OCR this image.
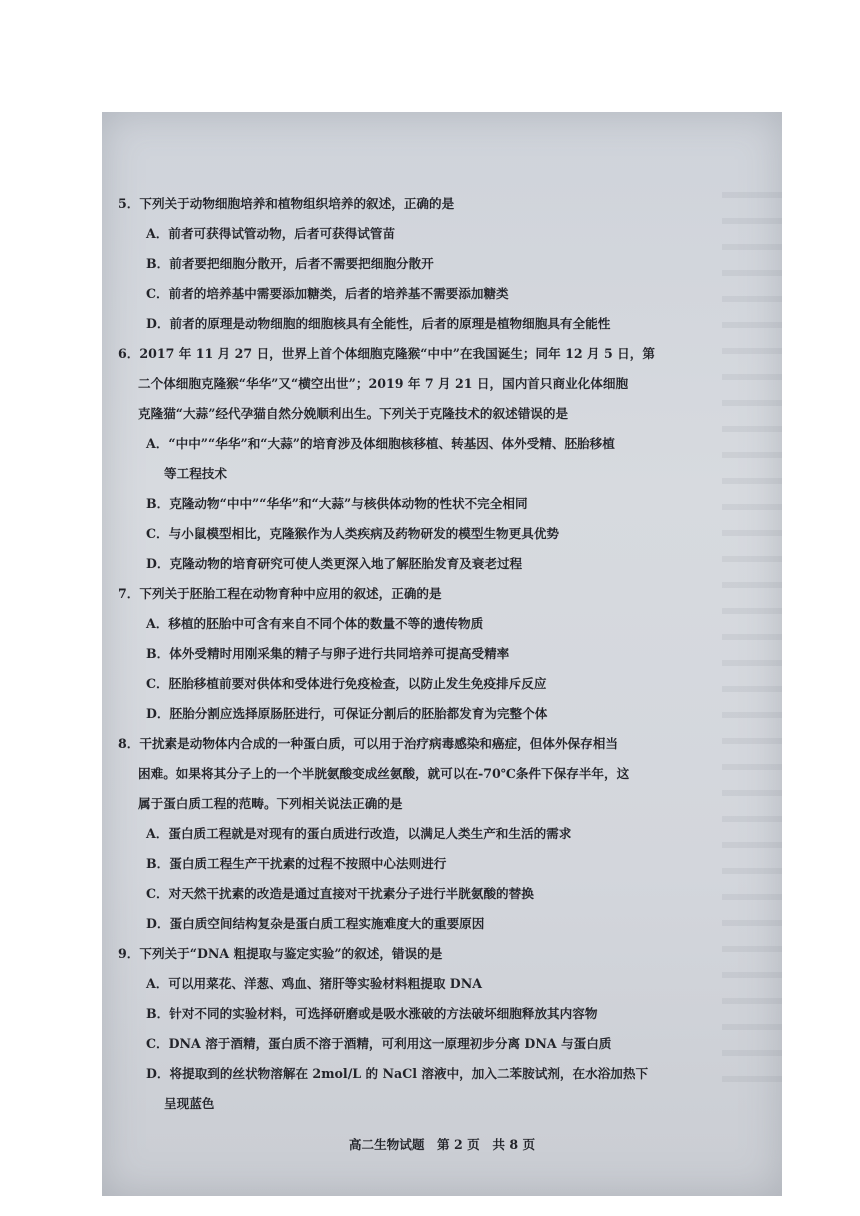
5．下列关于动物细胞培养和植物组织培养的叙述，正确的是
A．前者可获得试管动物，后者可获得试管苗
B．前者要把细胞分散开，后者不需要把细胞分散开
C．前者的培养基中需要添加糖类，后者的培养基不需要添加糖类
D．前者的原理是动物细胞的细胞核具有全能性，后者的原理是植物细胞具有全能性
6．2017 年 11 月 27 日，世界上首个体细胞克隆猴“中中”在我国诞生；同年 12 月 5 日，第
二个体细胞克隆猴“华华”又“横空出世”；2019 年 7 月 21 日，国内首只商业化体细胞
克隆猫“大蒜”经代孕猫自然分娩顺利出生。下列关于克隆技术的叙述错误的是
A．“中中”“华华”和“大蒜”的培育涉及体细胞核移植、转基因、体外受精、胚胎移植
等工程技术
B．克隆动物“中中”“华华”和“大蒜”与核供体动物的性状不完全相同
C．与小鼠模型相比，克隆猴作为人类疾病及药物研发的模型生物更具优势
D．克隆动物的培育研究可使人类更深入地了解胚胎发育及衰老过程
7．下列关于胚胎工程在动物育种中应用的叙述，正确的是
A．移植的胚胎中可含有来自不同个体的数量不等的遗传物质
B．体外受精时用刚采集的精子与卵子进行共同培养可提高受精率
C．胚胎移植前要对供体和受体进行免疫检查，以防止发生免疫排斥反应
D．胚胎分割应选择原肠胚进行，可保证分割后的胚胎都发育为完整个体
8．干扰素是动物体内合成的一种蛋白质，可以用于治疗病毒感染和癌症，但体外保存相当
困难。如果将其分子上的一个半胱氨酸变成丝氨酸，就可以在-70℃条件下保存半年，这
属于蛋白质工程的范畴。下列相关说法正确的是
A．蛋白质工程就是对现有的蛋白质进行改造，以满足人类生产和生活的需求
B．蛋白质工程生产干扰素的过程不按照中心法则进行
C．对天然干扰素的改造是通过直接对干扰素分子进行半胱氨酸的替换
D．蛋白质空间结构复杂是蛋白质工程实施难度大的重要原因
9．下列关于“DNA 粗提取与鉴定实验”的叙述，错误的是
A．可以用菜花、洋葱、鸡血、猪肝等实验材料粗提取 DNA
B．针对不同的实验材料，可选择研磨或是吸水涨破的方法破坏细胞释放其内容物
C．DNA 溶于酒精，蛋白质不溶于酒精，可利用这一原理初步分离 DNA 与蛋白质
D．将提取到的丝状物溶解在 2mol/L 的 NaCl 溶液中，加入二苯胺试剂，在水浴加热下
呈现蓝色
高二生物试题　第 2 页　共 8 页
